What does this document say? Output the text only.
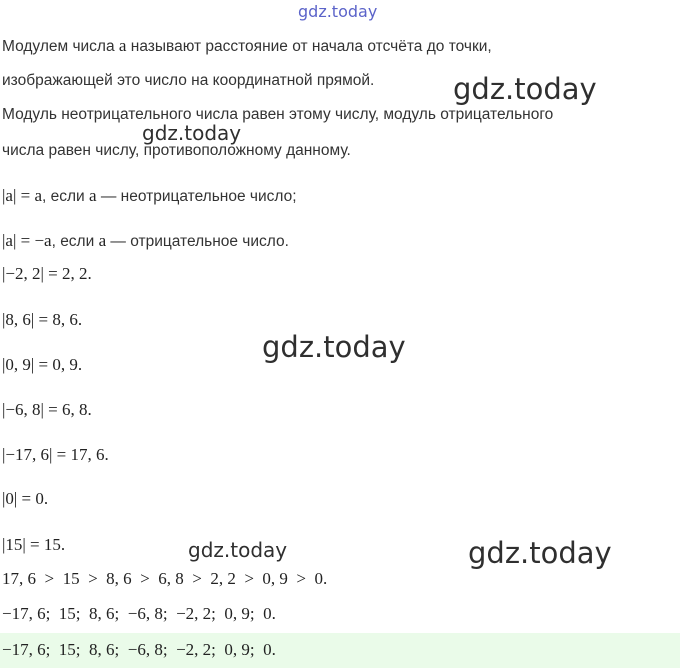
gdz.today
Модулем числа a называют расстояние от начала отсчёта до точки,
изображающей это число на координатной прямой.
Модуль неотрицательного числа равен этому числу, модуль отрицательного
числа равен числу, противоположному данному.
gdz.today
gdz.today
|a| = a, если a — неотрицательное число;
|a| = −a, если a — отрицательное число.
|−2, 2| = 2, 2.
|8, 6| = 8, 6.
|0, 9| = 0, 9.
|−6, 8| = 6, 8.
|−17, 6| = 17, 6.
|0| = 0.
|15| = 15.
gdz.today
gdz.today	gdz.today
17, 6  >  15  >  8, 6  >  6, 8  >  2, 2  >  0, 9  >  0.
−17, 6;  15;  8, 6;  −6, 8;  −2, 2;  0, 9;  0.
−17, 6;  15;  8, 6;  −6, 8;  −2, 2;  0, 9;  0.
